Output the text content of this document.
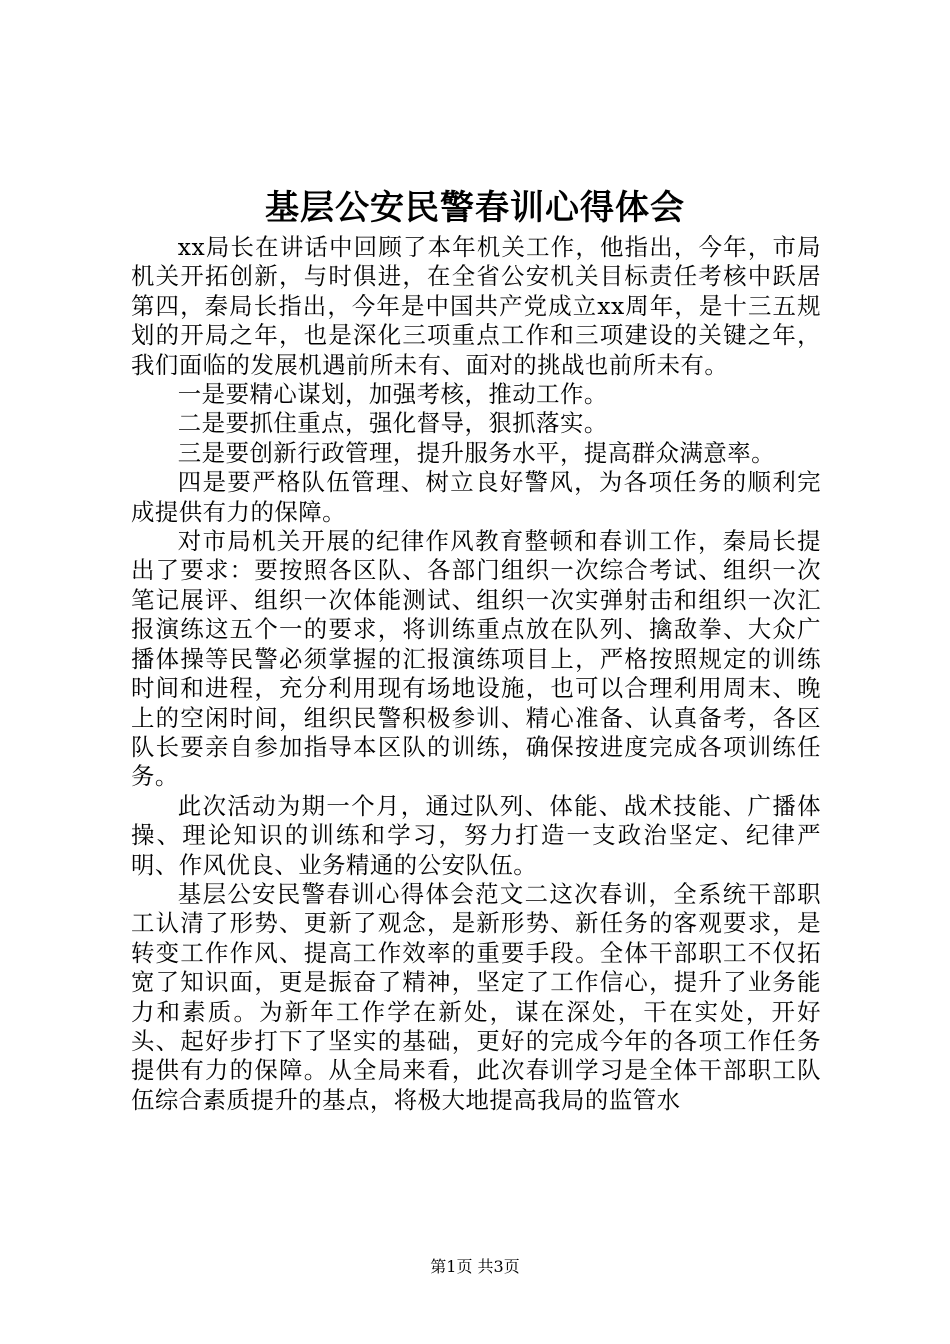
基层公安民警春训心得体会

xx局长在讲话中回顾了本年机关工作，他指出，今年，市局机关开拓创新，与时俱进，在全省公安机关目标责任考核中跃居第四，秦局长指出，今年是中国共产党成立xx周年，是十三五规划的开局之年，也是深化三项重点工作和三项建设的关键之年，我们面临的发展机遇前所未有、面对的挑战也前所未有。

一是要精心谋划，加强考核，推动工作。

二是要抓住重点，强化督导，狠抓落实。

三是要创新行政管理，提升服务水平，提高群众满意率。

四是要严格队伍管理、树立良好警风，为各项任务的顺利完成提供有力的保障。

对市局机关开展的纪律作风教育整顿和春训工作，秦局长提出了要求：要按照各区队、各部门组织一次综合考试、组织一次笔记展评、组织一次体能测试、组织一次实弹射击和组织一次汇报演练这五个一的要求，将训练重点放在队列、擒敌拳、大众广播体操等民警必须掌握的汇报演练项目上，严格按照规定的训练时间和进程，充分利用现有场地设施，也可以合理利用周末、晚上的空闲时间，组织民警积极参训、精心准备、认真备考，各区队长要亲自参加指导本区队的训练，确保按进度完成各项训练任务。

此次活动为期一个月，通过队列、体能、战术技能、广播体操、理论知识的训练和学习，努力打造一支政治坚定、纪律严明、作风优良、业务精通的公安队伍。

基层公安民警春训心得体会范文二这次春训，全系统干部职工认清了形势、更新了观念，是新形势、新任务的客观要求，是转变工作作风、提高工作效率的重要手段。全体干部职工不仅拓宽了知识面，更是振奋了精神，坚定了工作信心，提升了业务能力和素质。为新年工作学在新处，谋在深处，干在实处，开好头、起好步打下了坚实的基础，更好的完成今年的各项工作任务提供有力的保障。从全局来看，此次春训学习是全体干部职工队伍综合素质提升的基点，将极大地提高我局的监管水

第1页 共3页
